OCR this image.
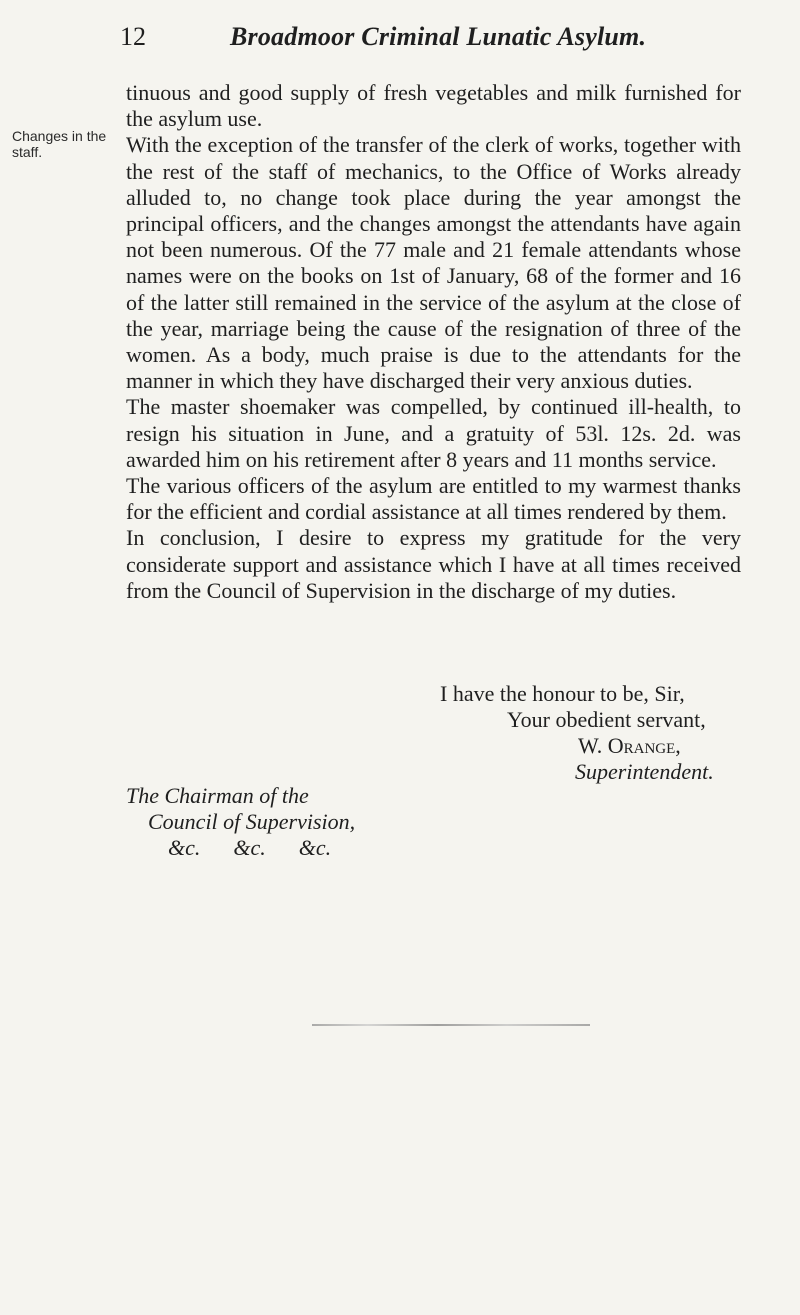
12	Broadmoor Criminal Lunatic Asylum.
Changes in the staff.

tinuous and good supply of fresh vegetables and milk furnished for the asylum use.

With the exception of the transfer of the clerk of works, together with the rest of the staff of mechanics, to the Office of Works already alluded to, no change took place during the year amongst the principal officers, and the changes amongst the attendants have again not been numerous. Of the 77 male and 21 female attendants whose names were on the books on 1st of January, 68 of the former and 16 of the latter still remained in the service of the asylum at the close of the year, marriage being the cause of the resignation of three of the women. As a body, much praise is due to the attendants for the manner in which they have discharged their very anxious duties.

The master shoemaker was compelled, by continued ill-health, to resign his situation in June, and a gratuity of 53l. 12s. 2d. was awarded him on his retirement after 8 years and 11 months service.

The various officers of the asylum are entitled to my warmest thanks for the efficient and cordial assistance at all times rendered by them.

In conclusion, I desire to express my gratitude for the very considerate support and assistance which I have at all times received from the Council of Supervision in the discharge of my duties.

I have the honour to be, Sir,
Your obedient servant,
W. Orange,
Superintendent.
The Chairman of the
Council of Supervision,
&c.      &c.      &c.
